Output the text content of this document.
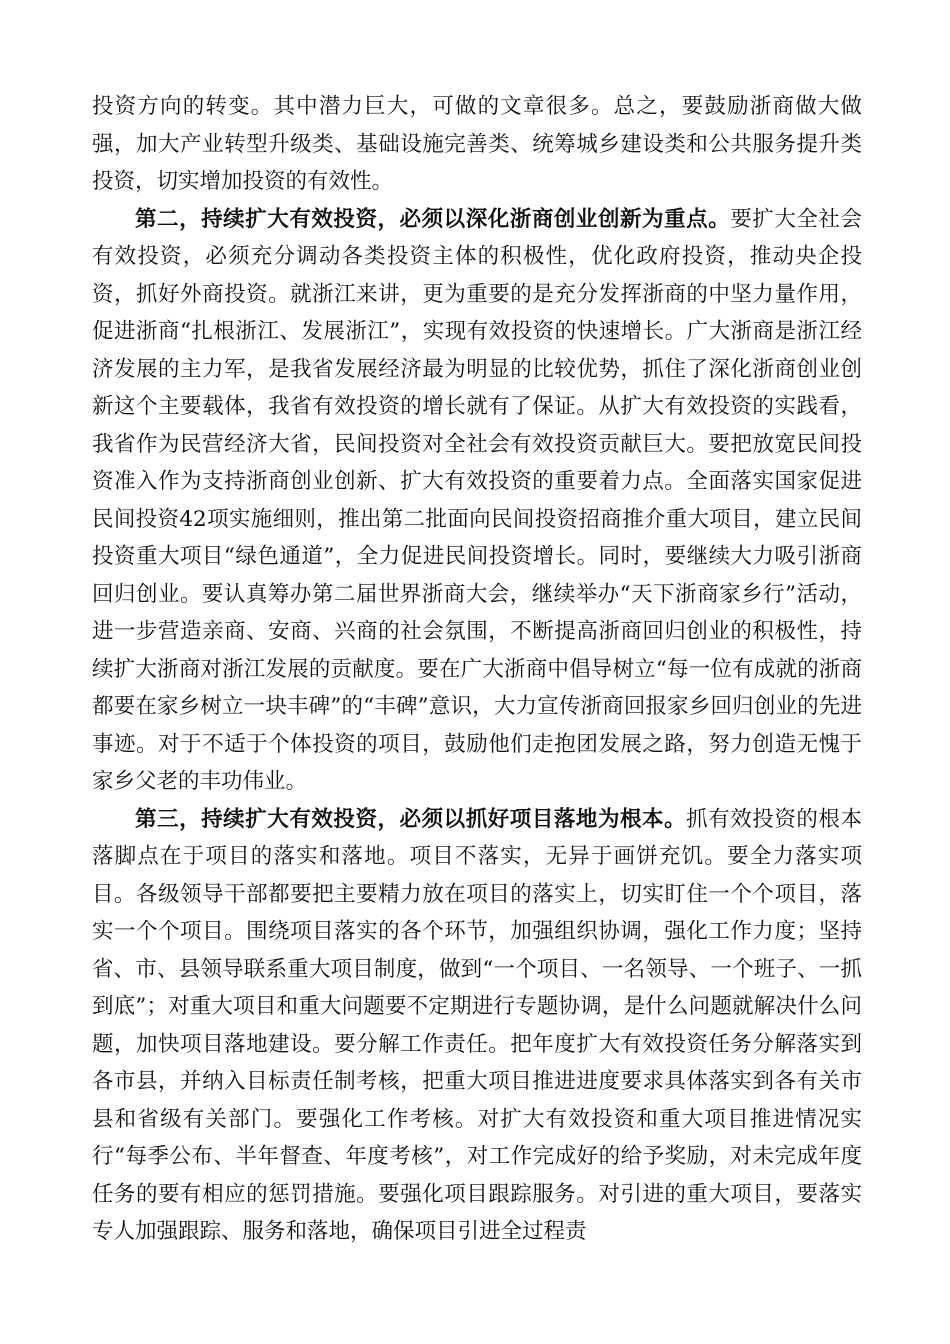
投资方向的转变。其中潜力巨大，可做的文章很多。总之，要鼓励浙商做大做强，加大产业转型升级类、基础设施完善类、统筹城乡建设类和公共服务提升类投资，切实增加投资的有效性。

第二，持续扩大有效投资，必须以深化浙商创业创新为重点。要扩大全社会有效投资，必须充分调动各类投资主体的积极性，优化政府投资，推动央企投资，抓好外商投资。就浙江来讲，更为重要的是充分发挥浙商的中坚力量作用，促进浙商“扎根浙江、发展浙江”，实现有效投资的快速增长。广大浙商是浙江经济发展的主力军，是我省发展经济最为明显的比较优势，抓住了深化浙商创业创新这个主要载体，我省有效投资的增长就有了保证。从扩大有效投资的实践看，我省作为民营经济大省，民间投资对全社会有效投资贡献巨大。要把放宽民间投资准入作为支持浙商创业创新、扩大有效投资的重要着力点。全面落实国家促进民间投资42项实施细则，推出第二批面向民间投资招商推介重大项目，建立民间投资重大项目“绿色通道”，全力促进民间投资增长。同时，要继续大力吸引浙商回归创业。要认真筹办第二届世界浙商大会，继续举办“天下浙商家乡行”活动，进一步营造亲商、安商、兴商的社会氛围，不断提高浙商回归创业的积极性，持续扩大浙商对浙江发展的贡献度。要在广大浙商中倡导树立“每一位有成就的浙商都要在家乡树立一块丰碑”的“丰碑”意识，大力宣传浙商回报家乡回归创业的先进事迹。对于不适于个体投资的项目，鼓励他们走抱团发展之路，努力创造无愧于家乡父老的丰功伟业。

第三，持续扩大有效投资，必须以抓好项目落地为根本。抓有效投资的根本落脚点在于项目的落实和落地。项目不落实，无异于画饼充饥。要全力落实项目。各级领导干部都要把主要精力放在项目的落实上，切实盯住一个个项目，落实一个个项目。围绕项目落实的各个环节，加强组织协调，强化工作力度；坚持省、市、县领导联系重大项目制度，做到“一个项目、一名领导、一个班子、一抓到底”；对重大项目和重大问题要不定期进行专题协调，是什么问题就解决什么问题，加快项目落地建设。要分解工作责任。把年度扩大有效投资任务分解落实到各市县，并纳入目标责任制考核，把重大项目推进进度要求具体落实到各有关市县和省级有关部门。要强化工作考核。对扩大有效投资和重大项目推进情况实行“每季公布、半年督查、年度考核”，对工作完成好的给予奖励，对未完成年度任务的要有相应的惩罚措施。要强化项目跟踪服务。对引进的重大项目，要落实专人加强跟踪、服务和落地，确保项目引进全过程责
